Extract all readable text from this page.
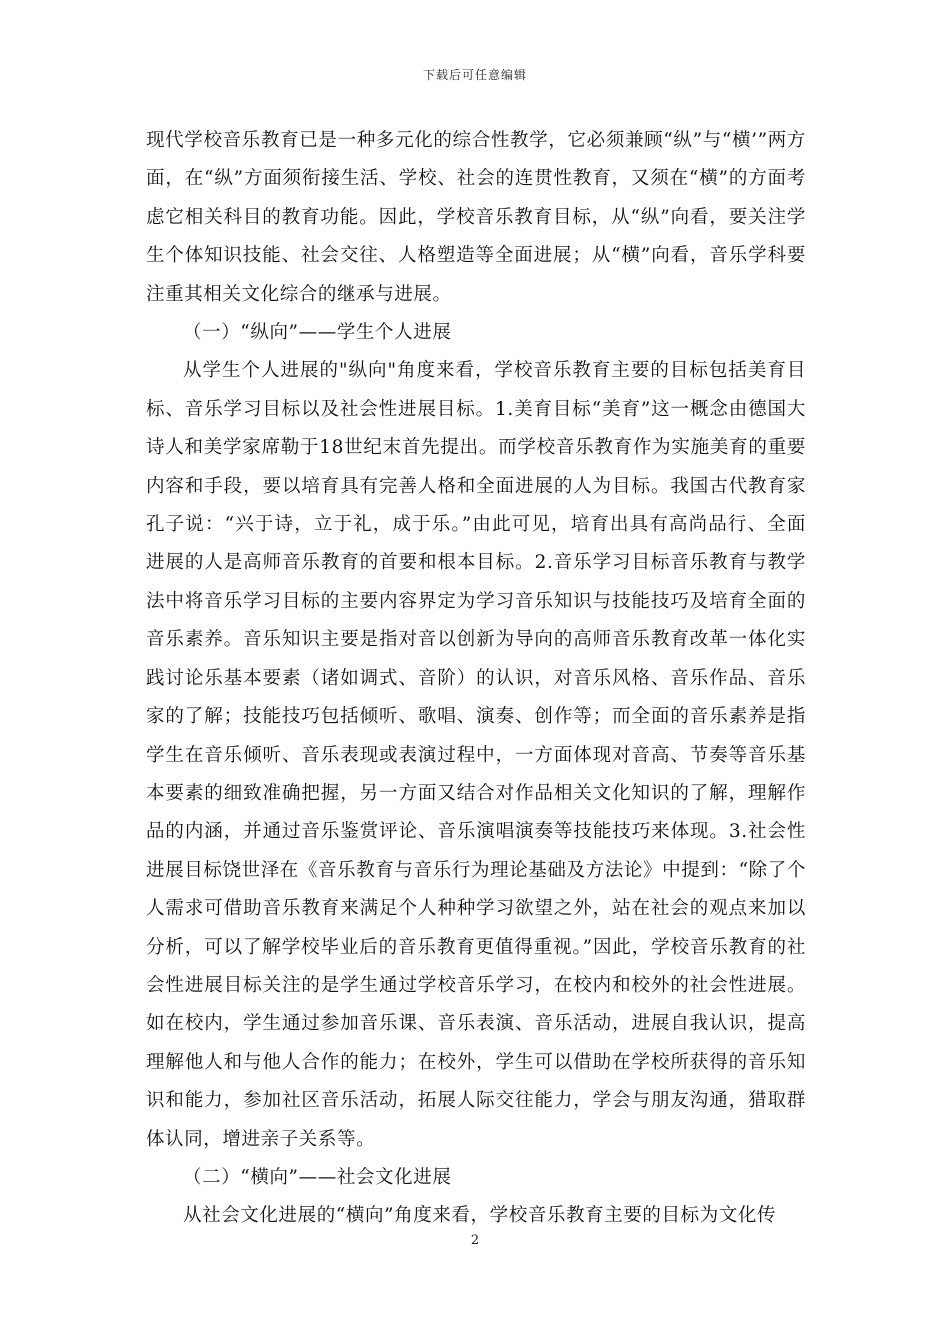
下载后可任意编辑

现代学校音乐教育已是一种多元化的综合性教学，它必须兼顾“纵”与“横’”两方面，在“纵”方面须衔接生活、学校、社会的连贯性教育，又须在“横”的方面考虑它相关科目的教育功能。因此，学校音乐教育目标，从“纵”向看，要关注学生个体知识技能、社会交往、人格塑造等全面进展；从“横”向看，音乐学科要注重其相关文化综合的继承与进展。

（一）“纵向”——学生个人进展

从学生个人进展的"纵向"角度来看，学校音乐教育主要的目标包括美育目标、音乐学习目标以及社会性进展目标。1.美育目标“美育”这一概念由德国大诗人和美学家席勒于18世纪末首先提出。而学校音乐教育作为实施美育的重要内容和手段，要以培育具有完善人格和全面进展的人为目标。我国古代教育家孔子说：“兴于诗，立于礼，成于乐。”由此可见，培育出具有高尚品行、全面进展的人是高师音乐教育的首要和根本目标。2.音乐学习目标音乐教育与教学法中将音乐学习目标的主要内容界定为学习音乐知识与技能技巧及培育全面的音乐素养。音乐知识主要是指对音以创新为导向的高师音乐教育改革一体化实践讨论乐基本要素（诸如调式、音阶）的认识，对音乐风格、音乐作品、音乐家的了解；技能技巧包括倾听、歌唱、演奏、创作等；而全面的音乐素养是指学生在音乐倾听、音乐表现或表演过程中，一方面体现对音高、节奏等音乐基本要素的细致准确把握，另一方面又结合对作品相关文化知识的了解，理解作品的内涵，并通过音乐鉴赏评论、音乐演唱演奏等技能技巧来体现。3.社会性进展目标饶世泽在《音乐教育与音乐行为理论基础及方法论》中提到：“除了个人需求可借助音乐教育来满足个人种种学习欲望之外，站在社会的观点来加以分析，可以了解学校毕业后的音乐教育更值得重视。”因此，学校音乐教育的社会性进展目标关注的是学生通过学校音乐学习，在校内和校外的社会性进展。如在校内，学生通过参加音乐课、音乐表演、音乐活动，进展自我认识，提高理解他人和与他人合作的能力；在校外，学生可以借助在学校所获得的音乐知识和能力，参加社区音乐活动，拓展人际交往能力，学会与朋友沟通，猎取群体认同，增进亲子关系等。

（二）“横向”——社会文化进展

从社会文化进展的“横向”角度来看，学校音乐教育主要的目标为文化传

2
